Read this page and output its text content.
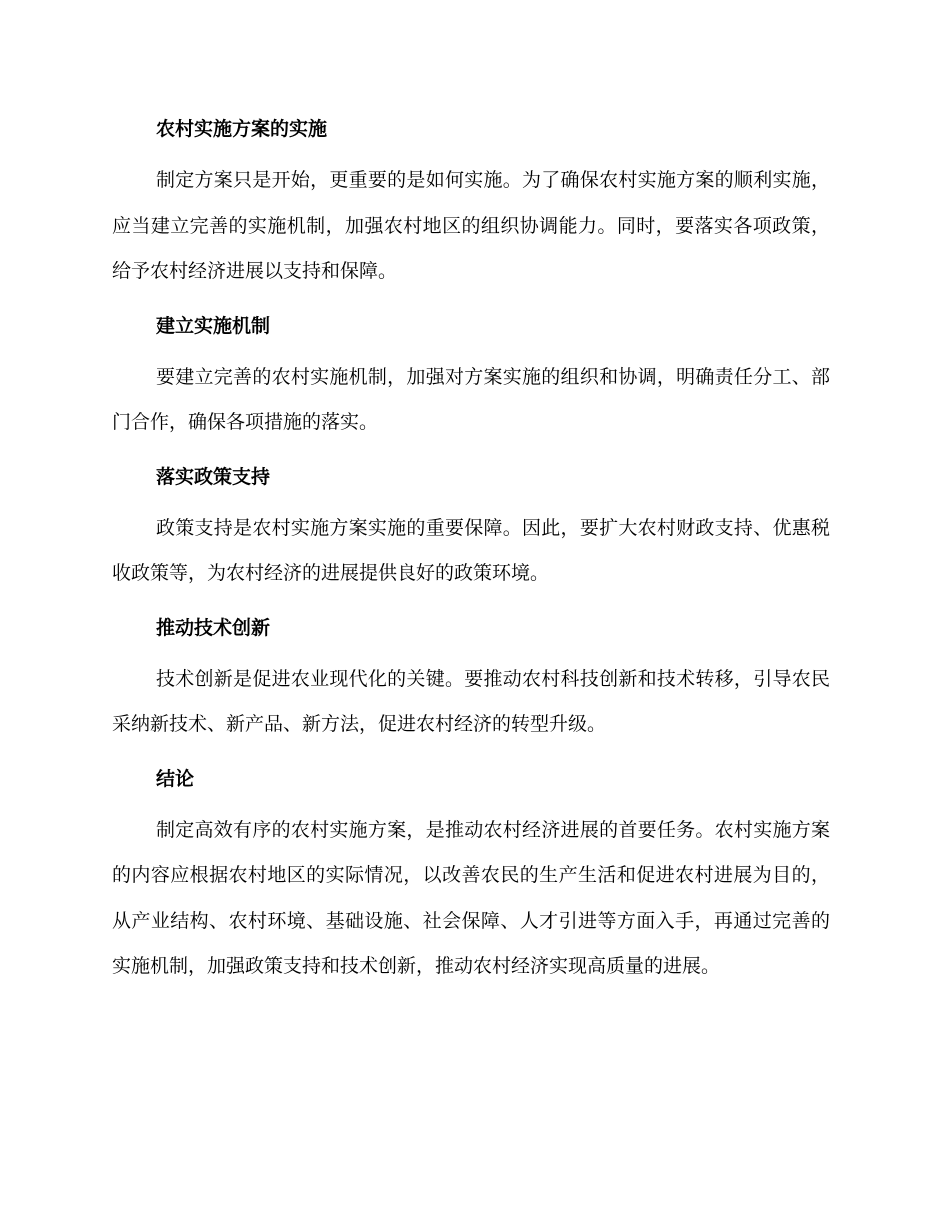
农村实施方案的实施

制定方案只是开始，更重要的是如何实施。为了确保农村实施方案的顺利实施，应当建立完善的实施机制，加强农村地区的组织协调能力。同时，要落实各项政策，给予农村经济进展以支持和保障。

建立实施机制

要建立完善的农村实施机制，加强对方案实施的组织和协调，明确责任分工、部门合作，确保各项措施的落实。

落实政策支持

政策支持是农村实施方案实施的重要保障。因此，要扩大农村财政支持、优惠税收政策等，为农村经济的进展提供良好的政策环境。

推动技术创新

技术创新是促进农业现代化的关键。要推动农村科技创新和技术转移，引导农民采纳新技术、新产品、新方法，促进农村经济的转型升级。

结论

制定高效有序的农村实施方案，是推动农村经济进展的首要任务。农村实施方案的内容应根据农村地区的实际情况，以改善农民的生产生活和促进农村进展为目的，从产业结构、农村环境、基础设施、社会保障、人才引进等方面入手，再通过完善的实施机制，加强政策支持和技术创新，推动农村经济实现高质量的进展。
